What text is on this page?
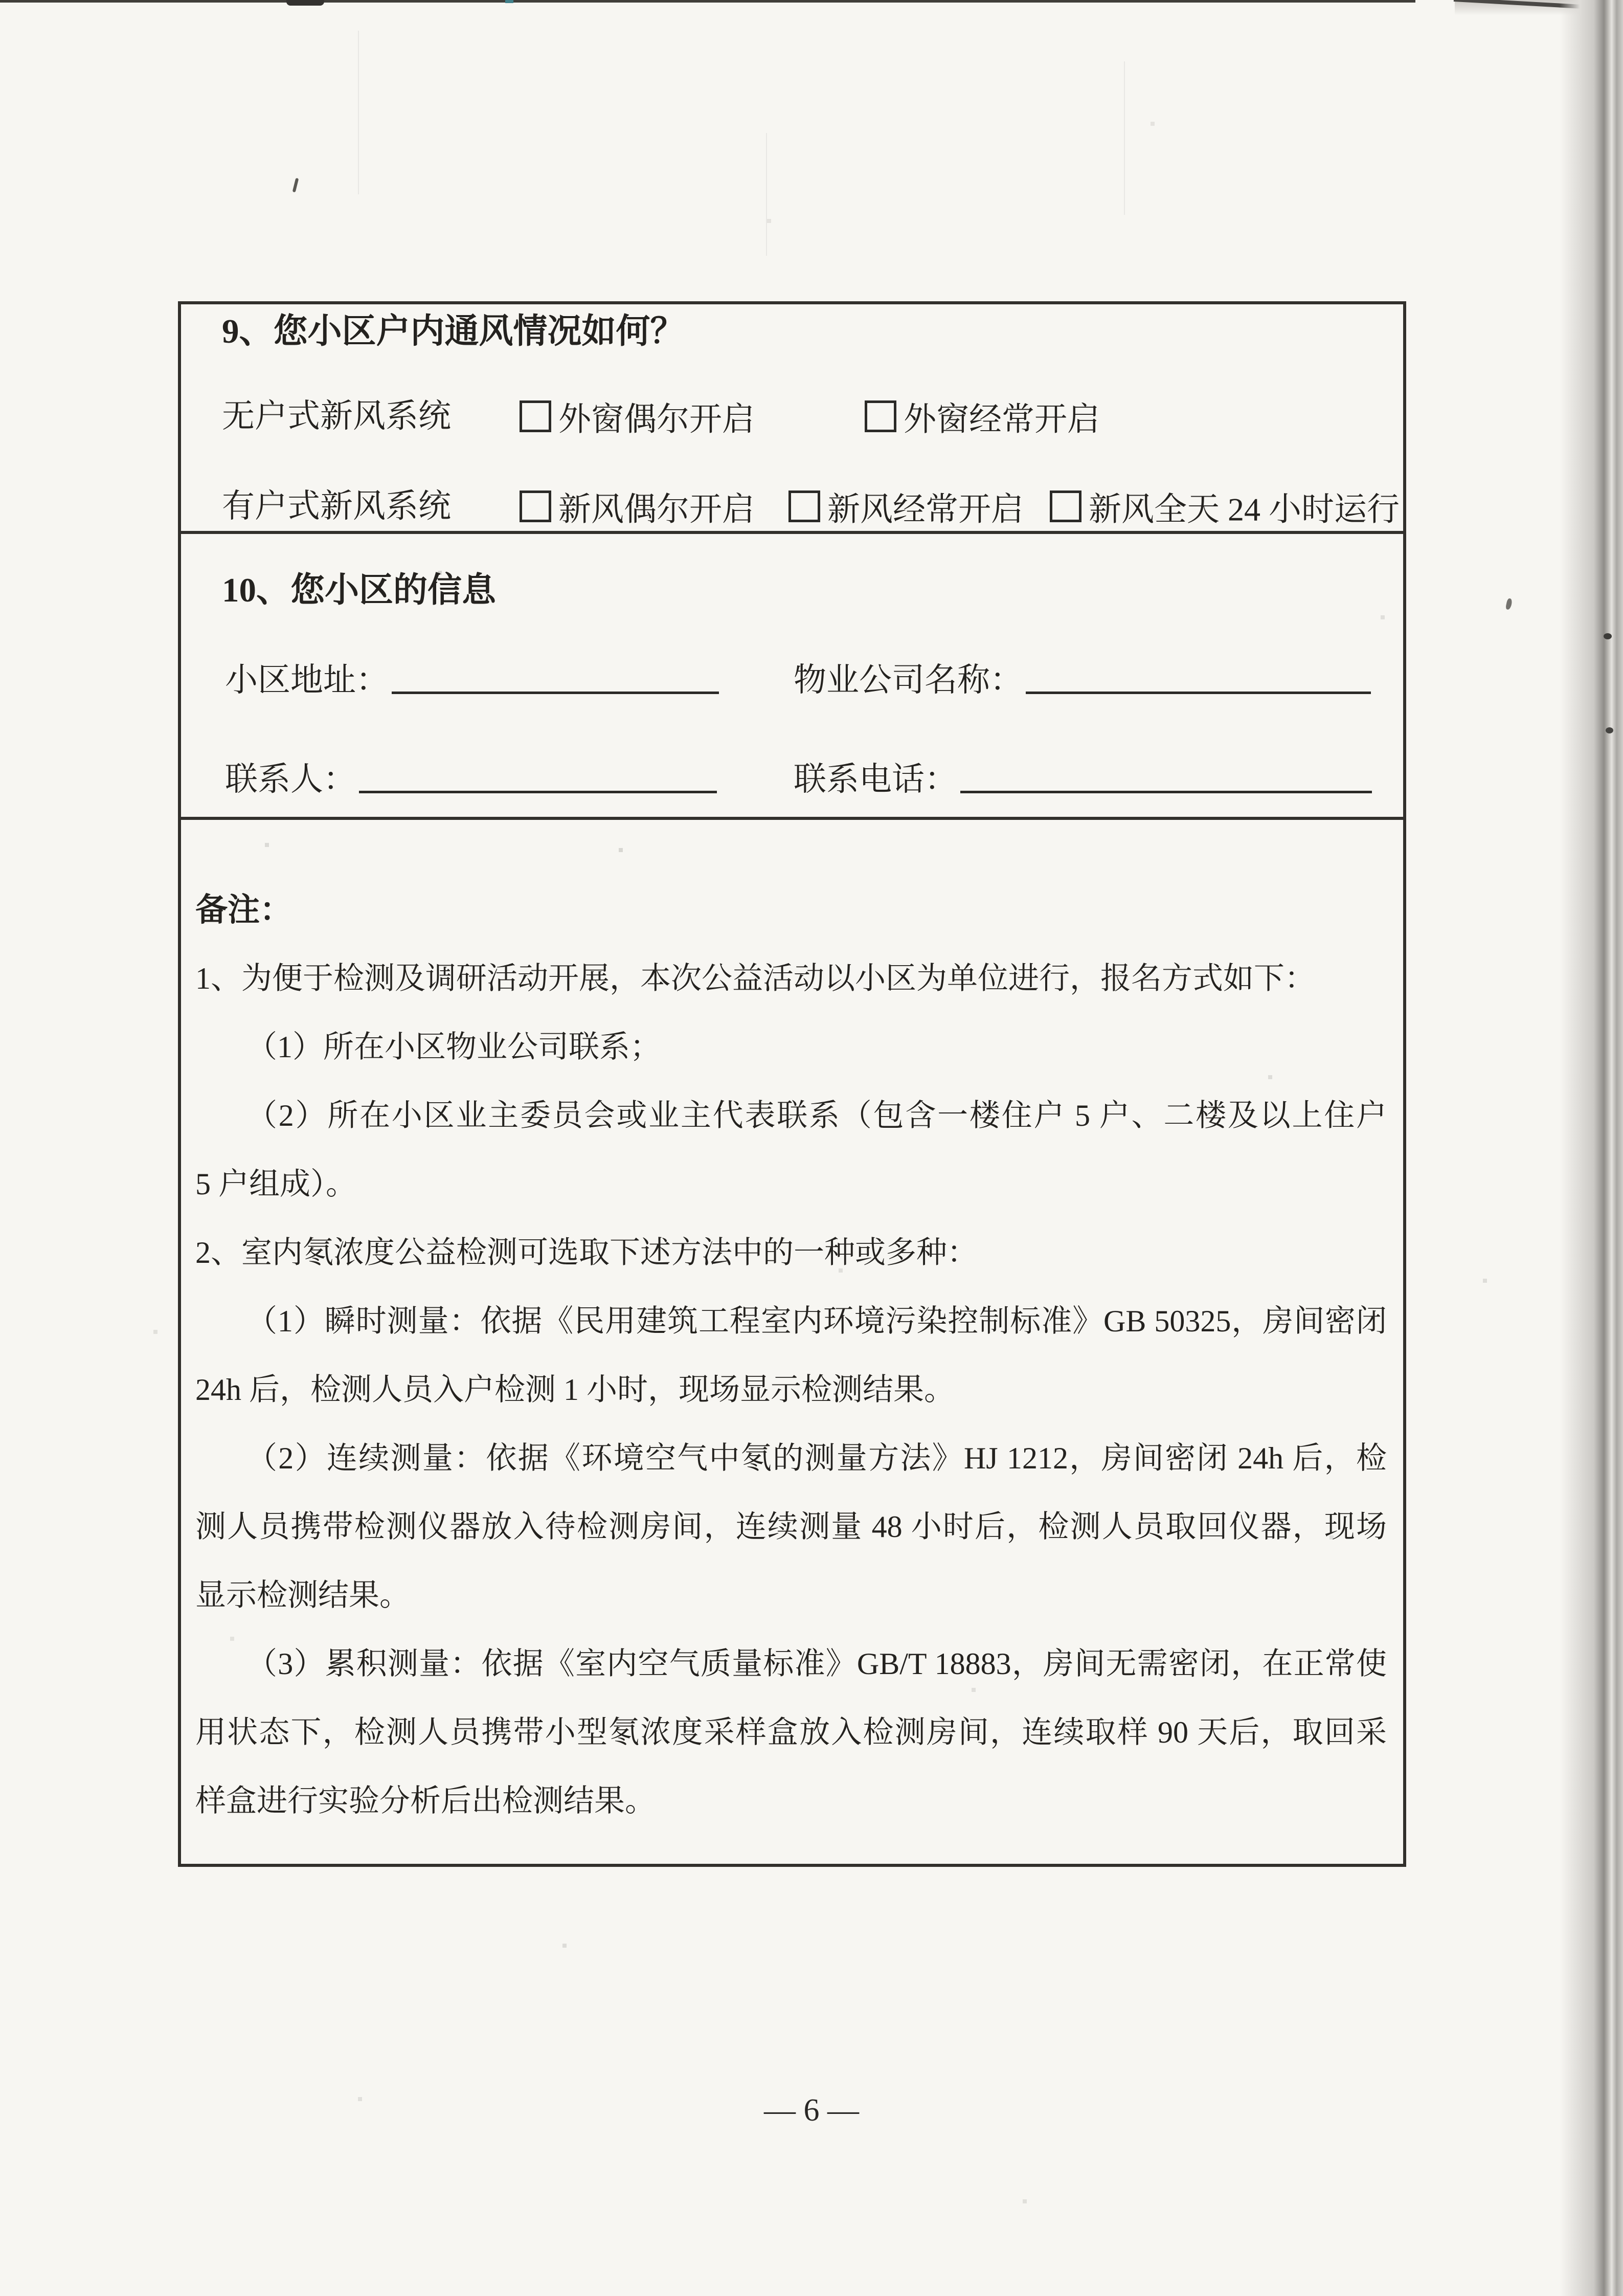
9、您小区户内通风情况如何？
无户式新风系统	外窗偶尔开启	外窗经常开启
有户式新风系统	新风偶尔开启	新风经常开启	新风全天 24 小时运行
10、您小区的信息
小区地址：	物业公司名称：
联系人：	联系电话：
备注：
1、为便于检测及调研活动开展，本次公益活动以小区为单位进行，报名方式如下：
（1）所在小区物业公司联系；
（2）所在小区业主委员会或业主代表联系（包含一楼住户 5 户、二楼及以上住户
5 户组成）。
2、室内氡浓度公益检测可选取下述方法中的一种或多种：
（1）瞬时测量：依据《民用建筑工程室内环境污染控制标准》GB 50325，房间密闭
24h 后，检测人员入户检测 1 小时，现场显示检测结果。
（2）连续测量：依据《环境空气中氡的测量方法》HJ 1212，房间密闭 24h 后，检
测人员携带检测仪器放入待检测房间，连续测量 48 小时后，检测人员取回仪器，现场
显示检测结果。
（3）累积测量：依据《室内空气质量标准》GB/T 18883，房间无需密闭，在正常使
用状态下，检测人员携带小型氡浓度采样盒放入检测房间，连续取样 90 天后，取回采
样盒进行实验分析后出检测结果。
— 6 —
